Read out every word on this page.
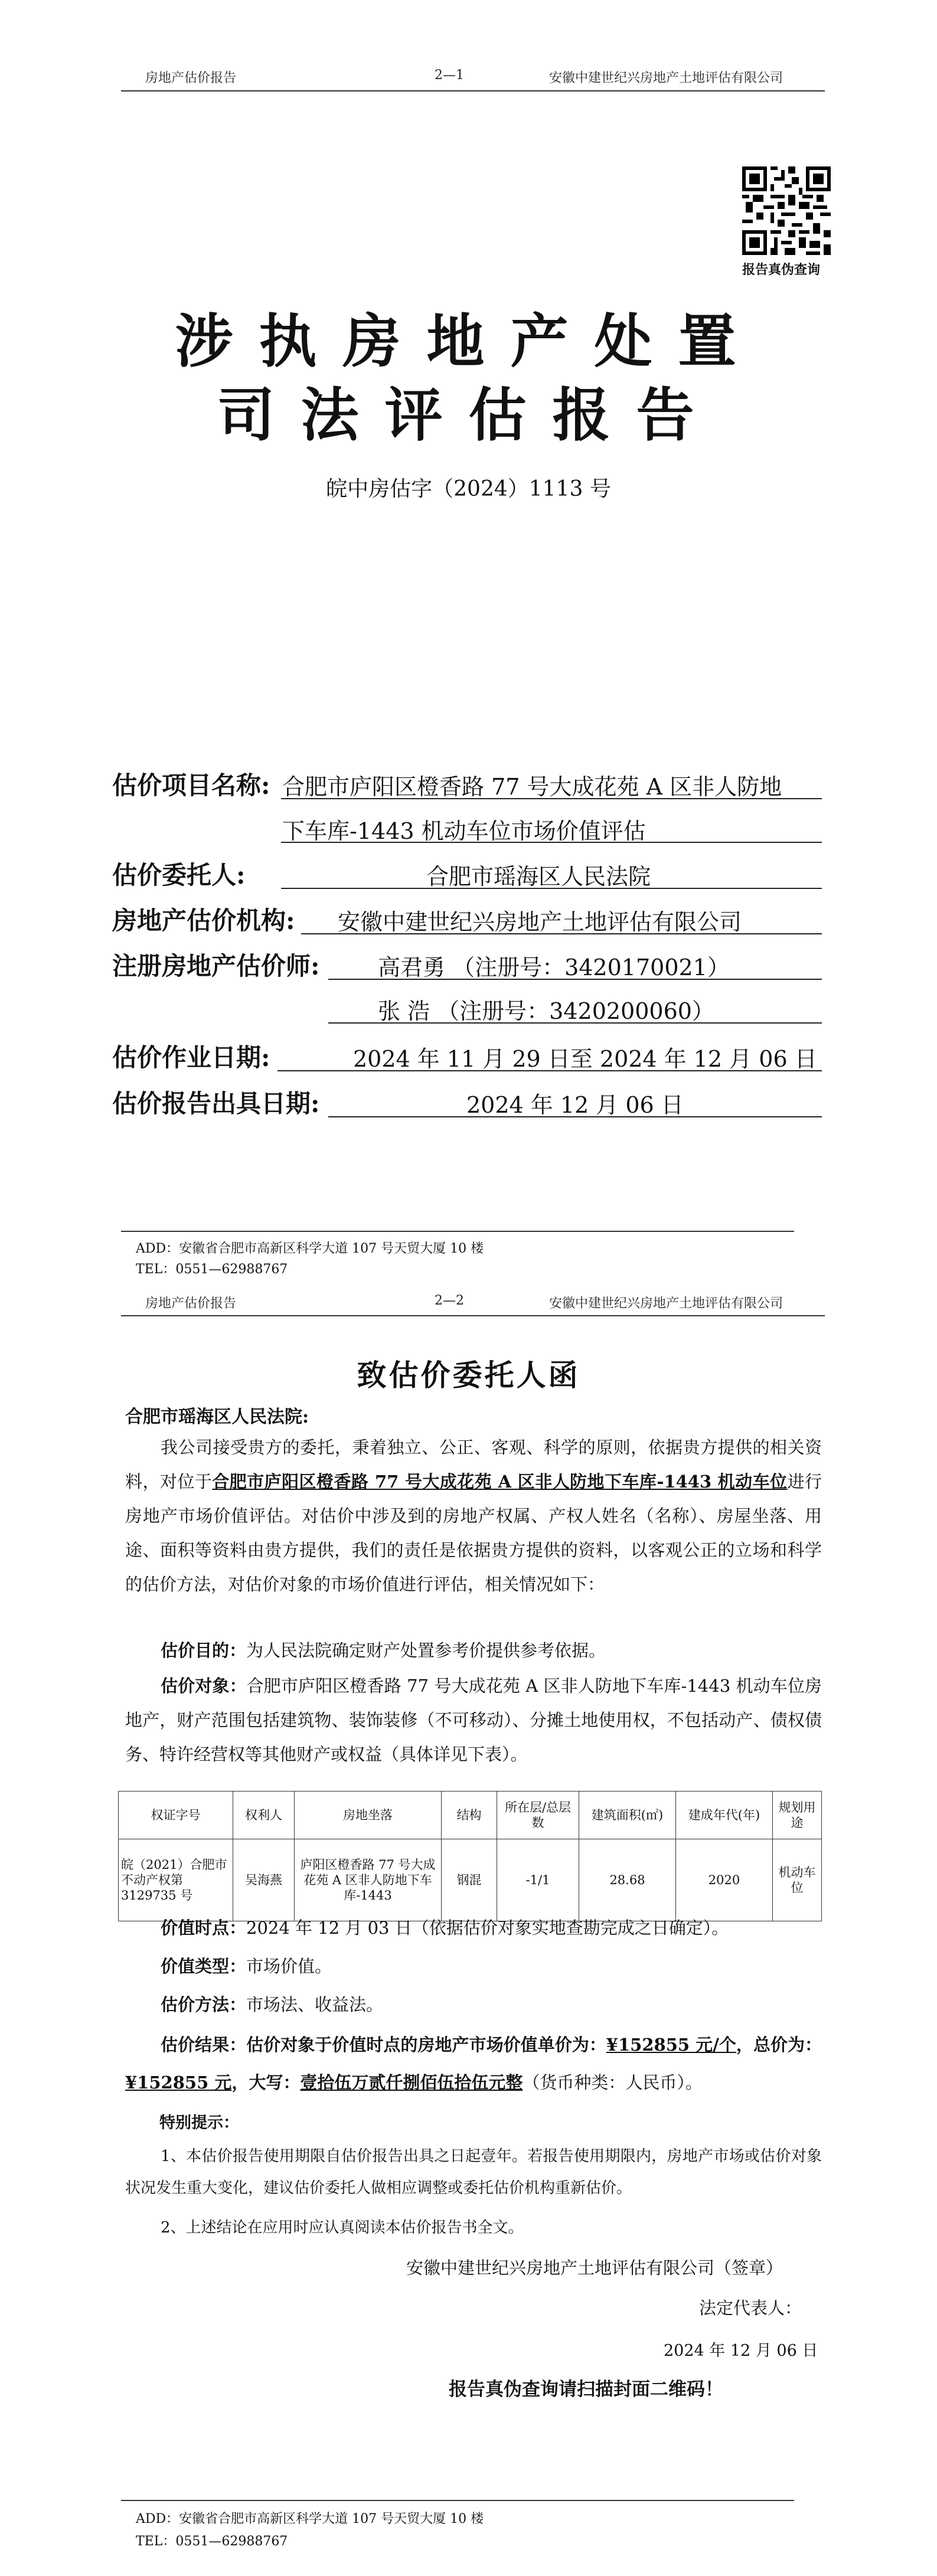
房地产估价报告	2—1	安徽中建世纪兴房地产土地评估有限公司
报告真伪查询
涉执房地产处置
司法评估报告
皖中房估字（2024）1113 号
估价项目名称: 合肥市庐阳区橙香路 77 号大成花苑 A 区非人防地
下车库-1443 机动车位市场价值评估
估价委托人:	合肥市瑶海区人民法院
房地产估价机构: 安徽中建世纪兴房地产土地评估有限公司
注册房地产估价师:	高君勇 （注册号：3420170021）
张 浩 （注册号：3420200060）
估价作业日期:	2024 年 11 月 29 日至 2024 年 12 月 06 日
估价报告出具日期:	2024 年 12 月 06 日
ADD：安徽省合肥市高新区科学大道 107 号天贸大厦 10 楼
TEL：0551—62988767
房地产估价报告	2—2	安徽中建世纪兴房地产土地评估有限公司
致估价委托人函
合肥市瑶海区人民法院:
我公司接受贵方的委托，秉着独立、公正、客观、科学的原则，依据贵方提供的相关资料，对位于合肥市庐阳区橙香路 77 号大成花苑 A 区非人防地下车库-1443 机动车位进行房地产市场价值评估。对估价中涉及到的房地产权属、产权人姓名（名称）、房屋坐落、用途、面积等资料由贵方提供，我们的责任是依据贵方提供的资料，以客观公正的立场和科学的估价方法，对估价对象的市场价值进行评估，相关情况如下：
估价目的：为人民法院确定财产处置参考价提供参考依据。
估价对象：合肥市庐阳区橙香路 77 号大成花苑 A 区非人防地下车库-1443 机动车位房地产，财产范围包括建筑物、装饰装修（不可移动）、分摊土地使用权，不包括动产、债权债务、特许经营权等其他财产或权益（具体详见下表）。
权证字号	权利人	房地坐落	结构	所在层/总层数	建筑面积(㎡)	建成年代(年)	规划用途
皖（2021）合肥市不动产权第 3129735 号	吴海燕	庐阳区橙香路 77 号大成花苑 A 区非人防地下车库-1443	钢混	-1/1	28.68	2020	机动车位
价值时点：2024 年 12 月 03 日（依据估价对象实地查勘完成之日确定）。
价值类型：市场价值。
估价方法：市场法、收益法。
估价结果：估价对象于价值时点的房地产市场价值单价为：¥152855 元/个，总价为：¥152855 元，大写：壹拾伍万贰仟捌佰伍拾伍元整（货币种类：人民币）。
特别提示：
1、本估价报告使用期限自估价报告出具之日起壹年。若报告使用期限内，房地产市场或估价对象状况发生重大变化，建议估价委托人做相应调整或委托估价机构重新估价。
2、上述结论在应用时应认真阅读本估价报告书全文。
安徽中建世纪兴房地产土地评估有限公司（签章）
法定代表人：
2024 年 12 月 06 日
报告真伪查询请扫描封面二维码！
ADD：安徽省合肥市高新区科学大道 107 号天贸大厦 10 楼
TEL：0551—62988767
